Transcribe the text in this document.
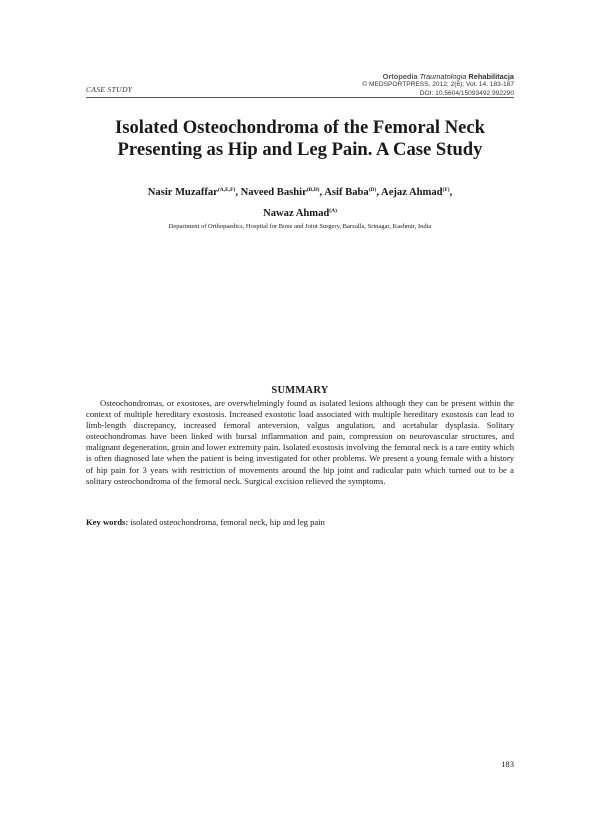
Ortopedia Traumatologia Rehabilitacja
© MEDSPORTPRESS, 2012; 2(6); Vol. 14, 183-187
DOI: 10.5604/15093492.992290
CASE STUDY
Isolated Osteochondroma of the Femoral Neck Presenting as Hip and Leg Pain. A Case Study
Nasir Muzaffar$^{(A,E,F)}$, Naveed Bashir$^{(B,D)}$, Asif Baba$^{(D)}$, Aejaz Ahmad$^{(F)}$,
Nawaz Ahmad$^{(A)}$
Department of Orthopaedics, Hospital for Bone and Joint Surgery, Barzalla, Srinagar, Kashmir, India
SUMMARY

Osteochondromas, or exostoses, are overwhelmingly found as isolated lesions although they can be present within the context of multiple hereditary exostosis. Increased exostotic load associated with multiple hereditary exostosis can lead to limb-length discrepancy, increased femoral anteversion, valgus angulation, and acetabular dysplasia. Solitary osteochondromas have been linked with bursal inflammation and pain, compression on neurovascular structures, and malignant degeneration, groin and lower extremity pain. Isolated exostosis involving the femoral neck is a rare entity which is often diagnosed late when the patient is being investigated for other problems. We present a young female with a history of hip pain for 3 years with restriction of movements around the hip joint and radicular pain which turned out to be a solitary osteochondroma of the femoral neck. Surgical excision relieved the symptoms.

Key words: isolated osteochondroma, femoral neck, hip and leg pain
183
